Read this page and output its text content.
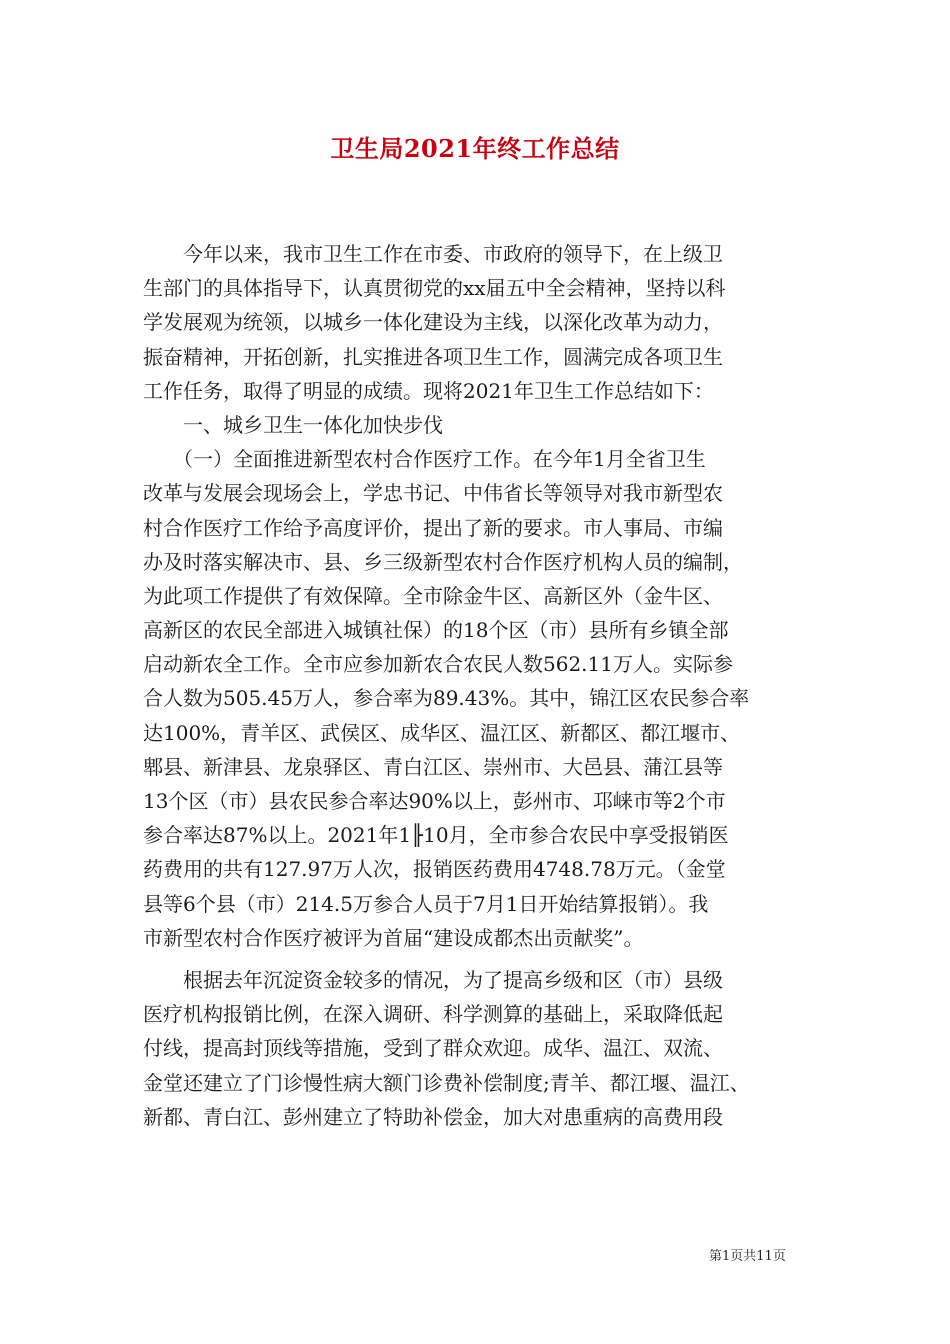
卫生局2021年终工作总结
　　今年以来，我市卫生工作在市委、市政府的领导下，在上级卫
生部门的具体指导下，认真贯彻党的xx届五中全会精神，坚持以科
学发展观为统领，以城乡一体化建设为主线，以深化改革为动力，
振奋精神，开拓创新，扎实推进各项卫生工作，圆满完成各项卫生
工作任务，取得了明显的成绩。现将2021年卫生工作总结如下：
　　一、城乡卫生一体化加快步伐
　　（一）全面推进新型农村合作医疗工作。在今年1月全省卫生
改革与发展会现场会上，学忠书记、中伟省长等领导对我市新型农
村合作医疗工作给予高度评价，提出了新的要求。市人事局、市编
办及时落实解决市、县、乡三级新型农村合作医疗机构人员的编制，
为此项工作提供了有效保障。全市除金牛区、高新区外（金牛区、
高新区的农民全部进入城镇社保）的18个区（市）县所有乡镇全部
启动新农全工作。全市应参加新农合农民人数562.11万人。实际参
合人数为505.45万人，参合率为89.43%。其中，锦江区农民参合率
达100%，青羊区、武侯区、成华区、温江区、新都区、都江堰市、
郫县、新津县、龙泉驿区、青白江区、崇州市、大邑县、蒲江县等
13个区（市）县农民参合率达90%以上，彭州市、邛崃市等2个市
参合率达87%以上。2021年1╟10月，全市参合农民中享受报销医
药费用的共有127.97万人次，报销医药费用4748.78万元。（金堂
县等6个县（市）214.5万参合人员于7月1日开始结算报销）。我
市新型农村合作医疗被评为首届“建设成都杰出贡献奖”。
　　根据去年沉淀资金较多的情况，为了提高乡级和区（市）县级
医疗机构报销比例，在深入调研、科学测算的基础上，采取降低起
付线，提高封顶线等措施，受到了群众欢迎。成华、温江、双流、
金堂还建立了门诊慢性病大额门诊费补偿制度;青羊、都江堰、温江、
新都、青白江、彭州建立了特助补偿金，加大对患重病的高费用段
第1页共11页
